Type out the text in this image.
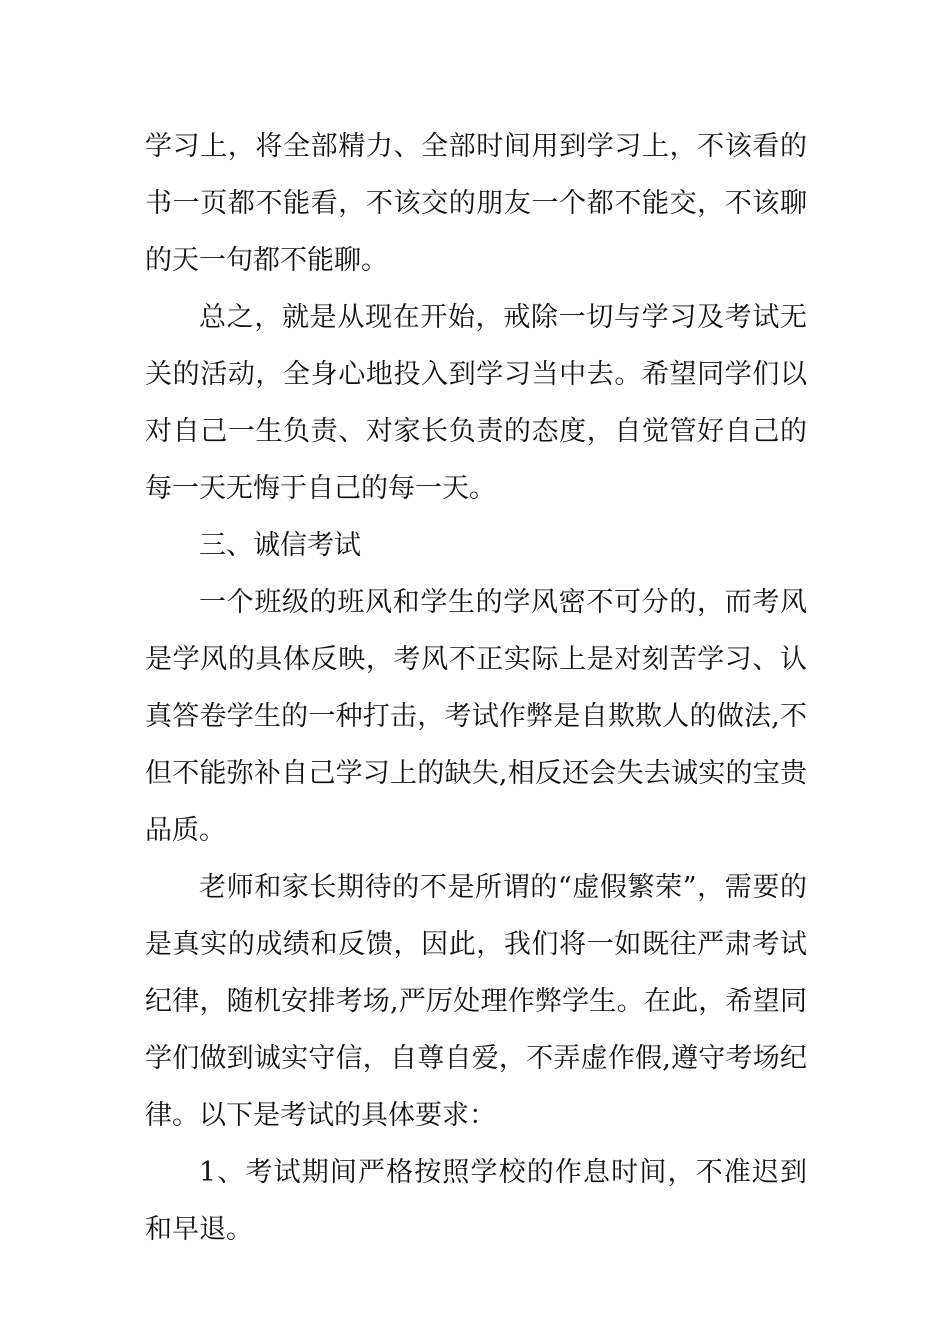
学习上，将全部精力、全部时间用到学习上，不该看的书一页都不能看，不该交的朋友一个都不能交，不该聊的天一句都不能聊。

总之，就是从现在开始，戒除一切与学习及考试无关的活动，全身心地投入到学习当中去。希望同学们以对自己一生负责、对家长负责的态度，自觉管好自己的每一天无悔于自己的每一天。

三、诚信考试

一个班级的班风和学生的学风密不可分的，而考风是学风的具体反映，考风不正实际上是对刻苦学习、认真答卷学生的一种打击，考试作弊是自欺欺人的做法,不但不能弥补自己学习上的缺失,相反还会失去诚实的宝贵品质。

老师和家长期待的不是所谓的“虚假繁荣”，需要的是真实的成绩和反馈，因此，我们将一如既往严肃考试纪律，随机安排考场,严厉处理作弊学生。在此，希望同学们做到诚实守信，自尊自爱，不弄虚作假,遵守考场纪律。以下是考试的具体要求：

1、考试期间严格按照学校的作息时间，不准迟到和早退。
